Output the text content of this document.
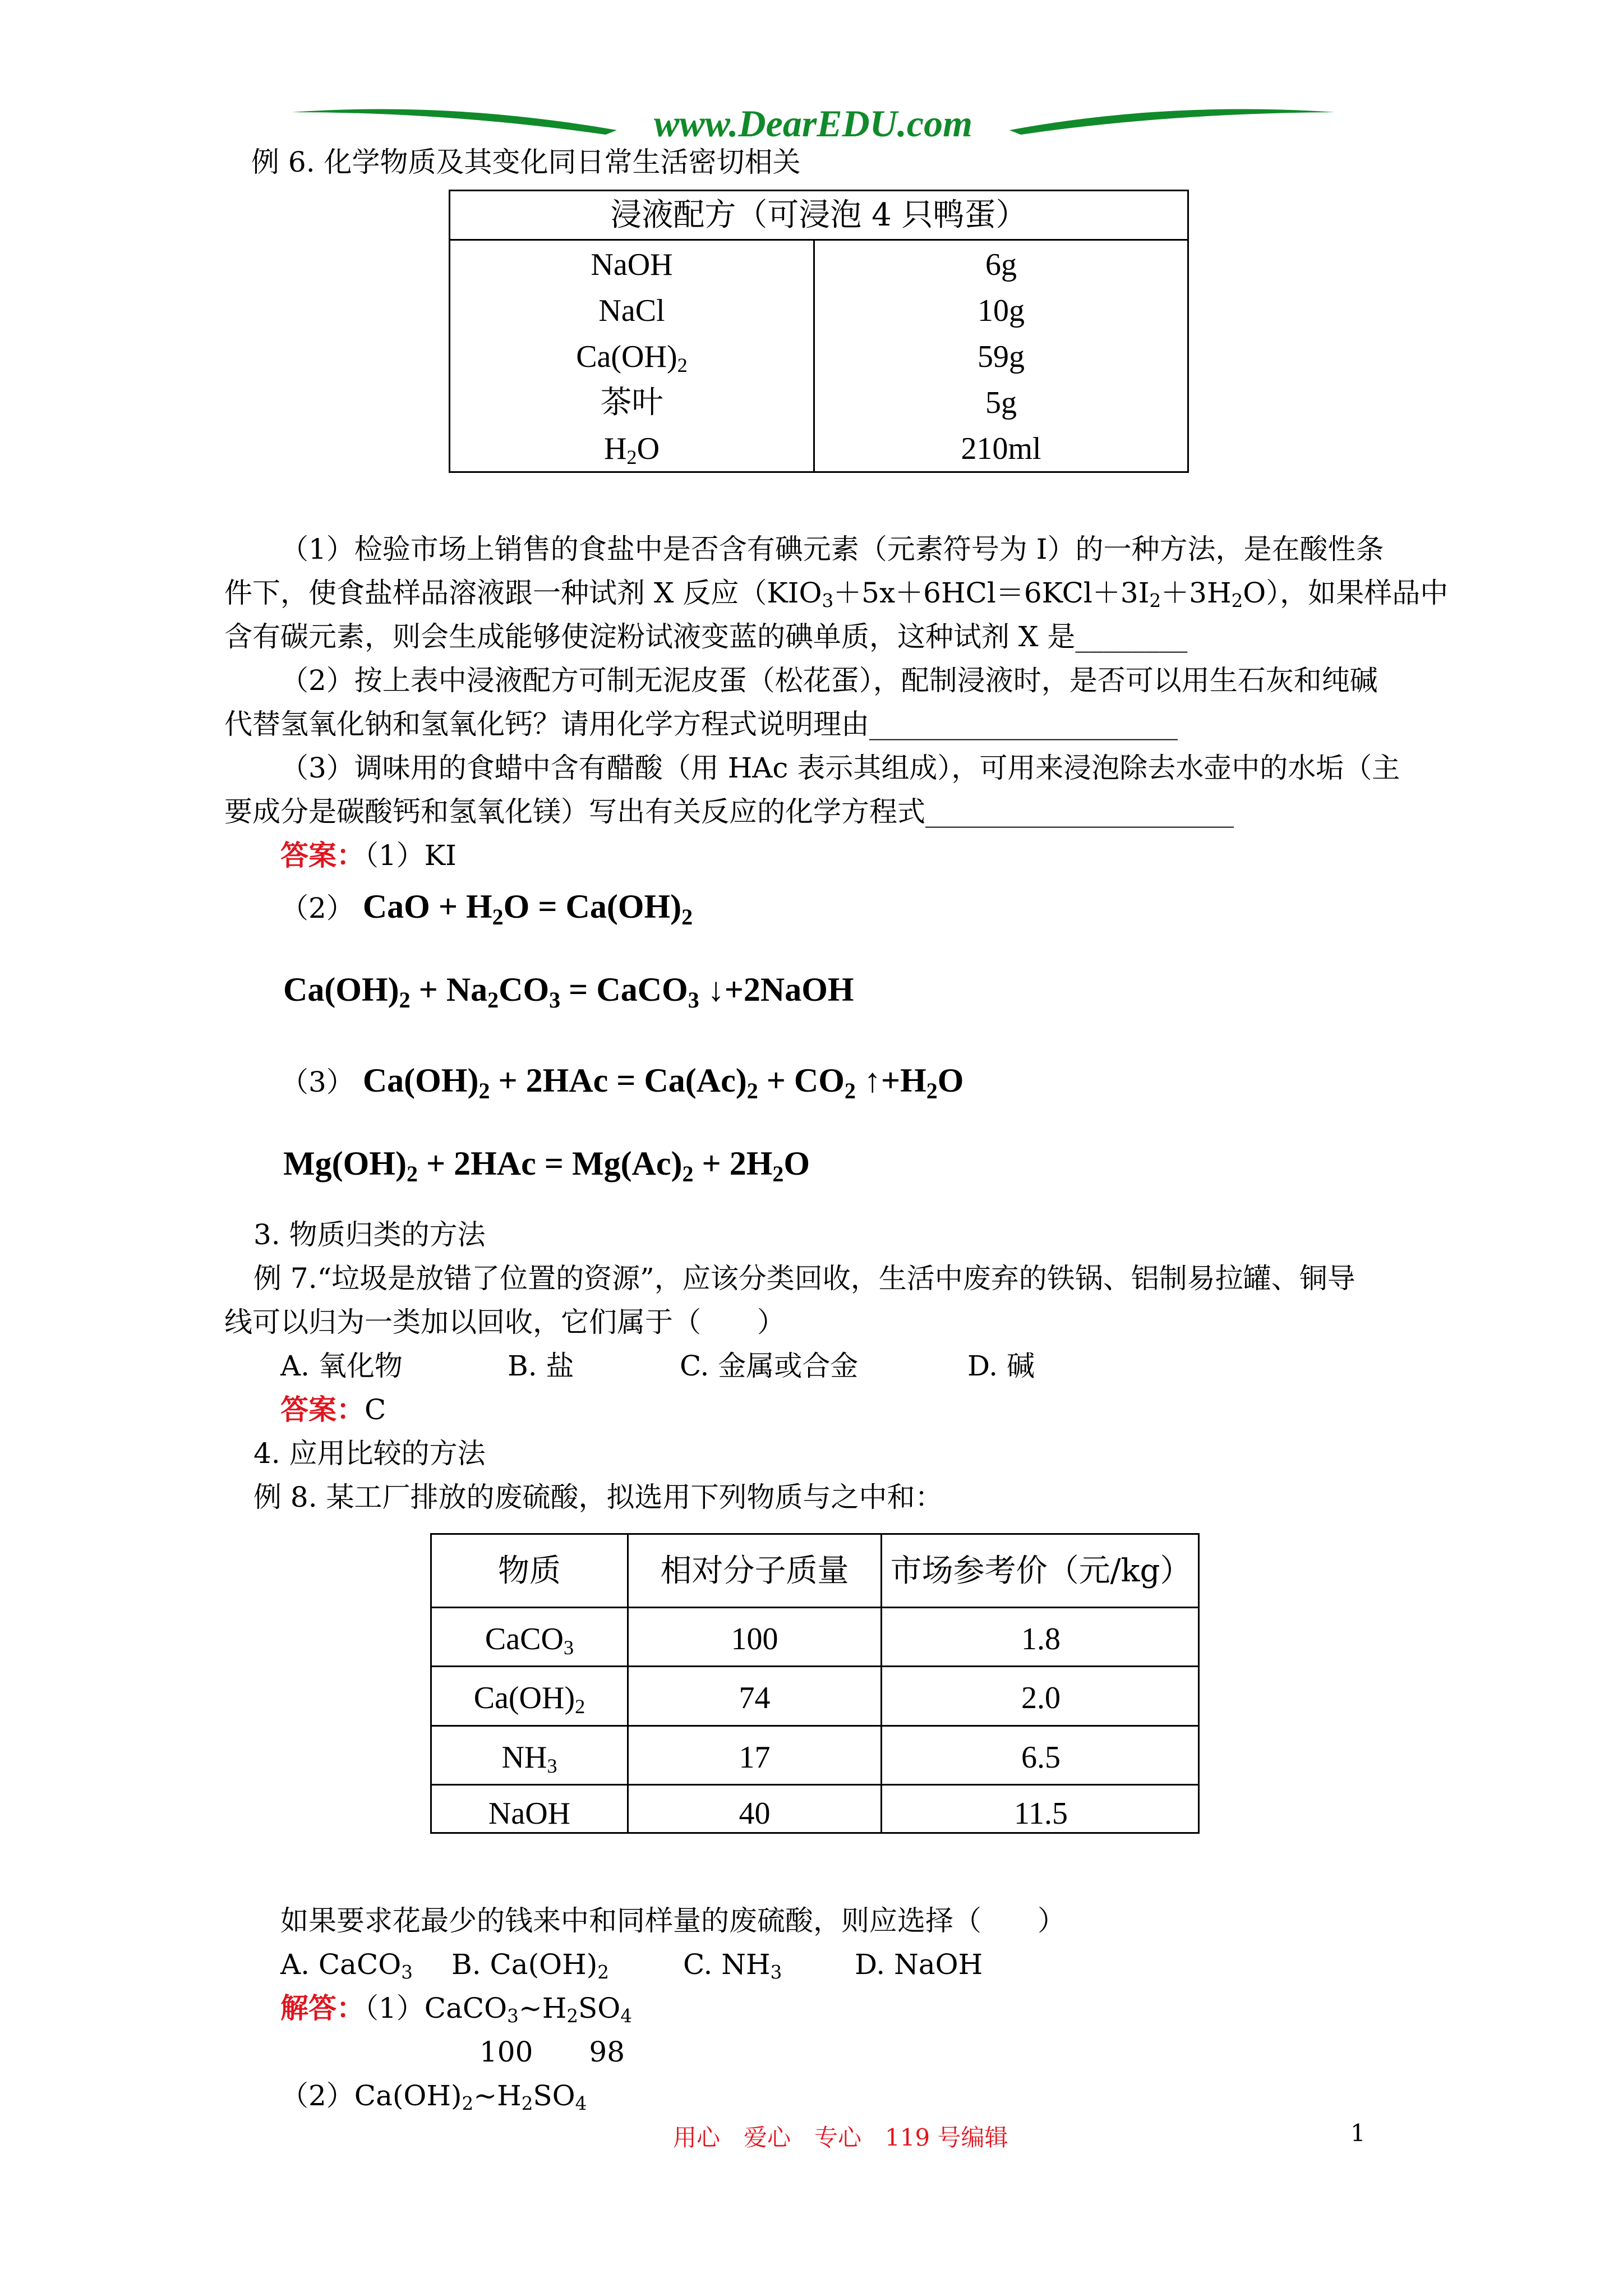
www.DearEDU.com
例 6. 化学物质及其变化同日常生活密切相关
浸液配方（可浸泡 4 只鸭蛋）
NaOH	6g
NaCl	10g
$Ca(OH)_2$	59g
茶叶	5g
$H_2O$	210ml
（1）检验市场上销售的食盐中是否含有碘元素（元素符号为 I）的一种方法，是在酸性条
件下，使食盐样品溶液跟一种试剂 X 反应$(KIO_3+5x+6HCl=6KCl+3I_2+3H_2O)$，如果样品中
含有碳元素，则会生成能够使淀粉试液变蓝的碘单质，这种试剂 X 是________
（2）按上表中浸液配方可制无泥皮蛋（松花蛋），配制浸液时，是否可以用生石灰和纯碱
代替氢氧化钠和氢氧化钙？请用化学方程式说明理由______________________
（3）调味用的食蜡中含有醋酸（用 HAc 表示其组成），可用来浸泡除去水壶中的水垢（主
要成分是碳酸钙和氢氧化镁）写出有关反应的化学方程式______________________
答案：（1）KI
（2） CaO + $H_2O = Ca(OH)_2$
$Ca(OH)_2 + Na_2CO_3$ = CaCO$_3$ ↓+2NaOH
（3） $Ca(OH)_2 + 2HAc = Ca(Ac)_2 + CO_2$ $↑+H_2O$
$Mg(OH)_2 + 2HAc = Mg(Ac)_2 + 2H_2O$
3. 物质归类的方法
例 7.“垃圾是放错了位置的资源”，应该分类回收，生活中废弃的铁锅、铝制易拉罐、铜导
线可以归为一类加以回收，它们属于（　　）
A. 氧化物	B. 盐	C. 金属或合金	D. 碱
答案：C
4. 应用比较的方法
例 8. 某工厂排放的废硫酸，拟选用下列物质与之中和：
物质	相对分子质量	市场参考价（元/kg）
CaCO$_3$	100	1.8
$Ca(OH)_2$	74	2.0
$NH_3$	17	6.5
NaOH	40	11.5
如果要求花最少的钱来中和同样量的废硫酸，则应选择（　　）
A. CaCO$_3$ B. $Ca(OH)_2$	C. $NH_3$	D. NaOH
解答：$(1)CaCO_3\sim H_2SO_4$
100　　98
$(2)Ca(OH)_2\sim H_2SO_4$
用心　爱心　专心　119 号编辑	1
